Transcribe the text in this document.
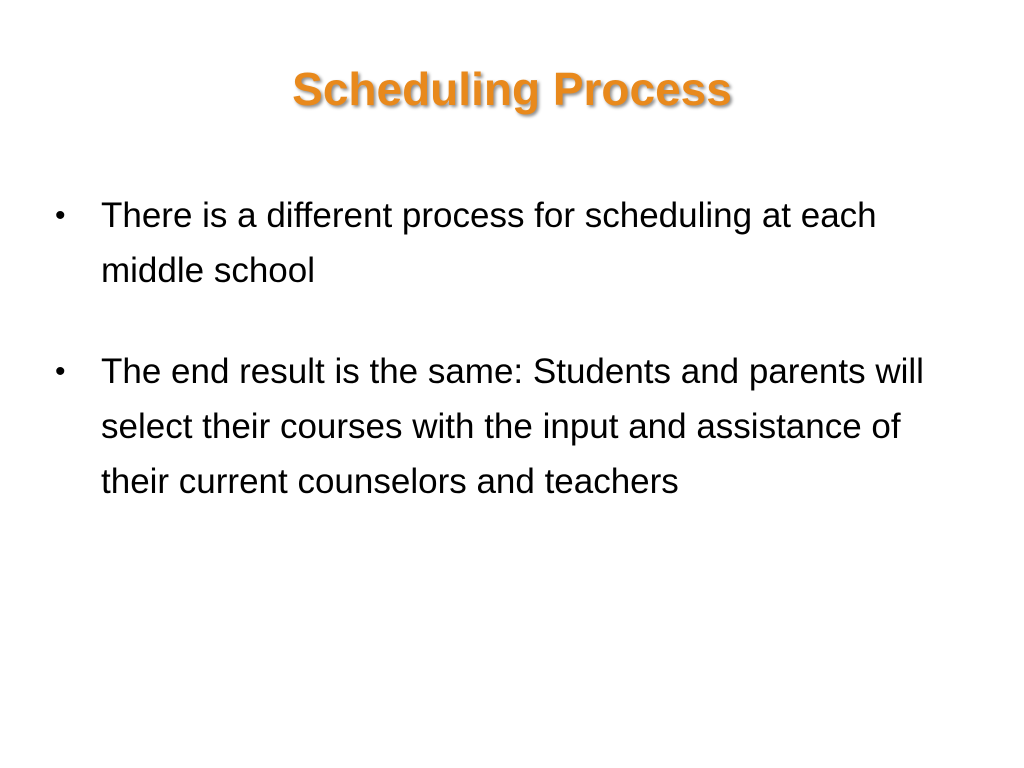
Scheduling Process
• There is a different process for scheduling at each middle school
• The end result is the same: Students and parents will select their courses with the input and assistance of their current counselors and teachers
